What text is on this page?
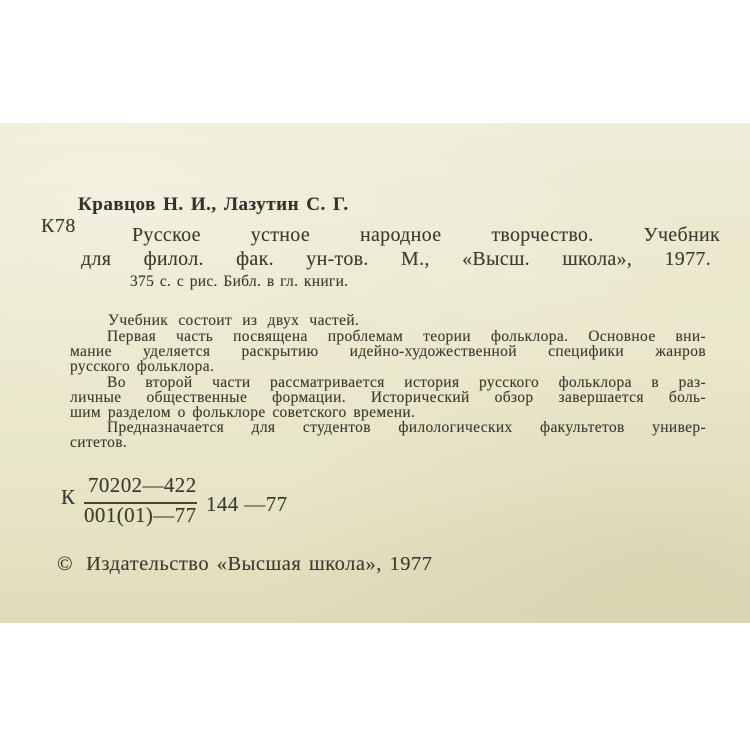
Кравцов Н. И., Лазутин С. Г.
К78	Русское устное народное творчество. Учебник
для филол. фак. ун-тов. М., «Высш. школа», 1977.
375 с. с рис. Библ. в гл. книги.
Учебник состоит из двух частей.
Первая часть посвящена проблемам теории фольклора. Основное вни-
мание уделяется раскрытию идейно-художественной специфики жанров
русского фольклора.
Во второй части рассматривается история русского фольклора в раз-
личные общественные формации. Исторический обзор завершается боль-
шим разделом о фольклоре советского времени.
Предназначается для студентов филологических факультетов универ-
ситетов.
К 70202—422
001(01)—77 144 —77
© Издательство «Высшая школа», 1977
